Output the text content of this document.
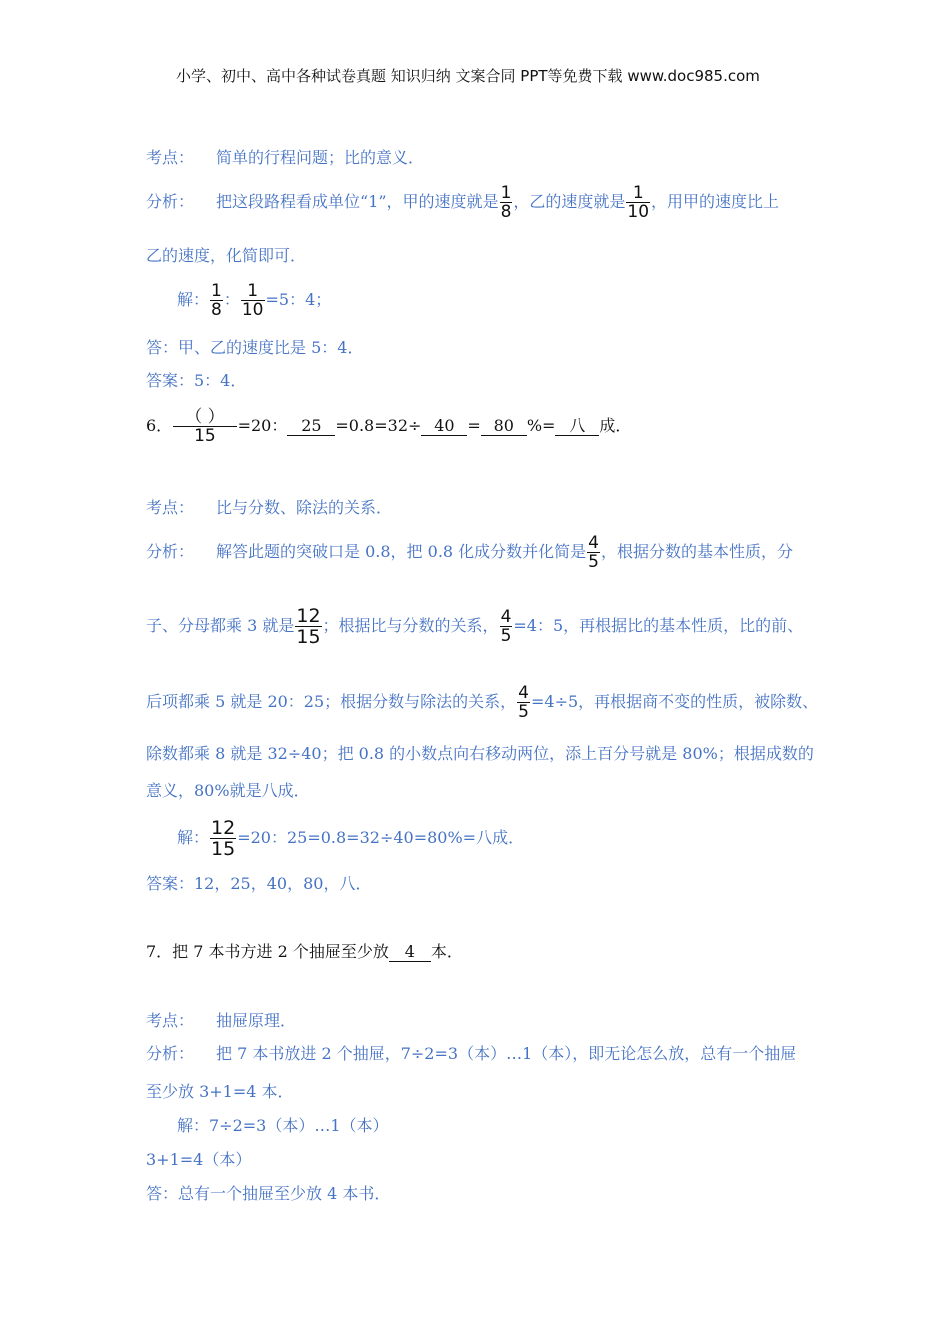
小学、初中、高中各种试卷真题 知识归纳 文案合同 PPT等免费下载 www.doc985.com
考点： 简单的行程问题；比的意义．
分析： 把这段路程看成单位“1”，甲的速度就是 $\frac{1}{8}$ ，乙的速度就是 $\frac{1}{10}$ ，用甲的速度比上
乙的速度，化简即可．
解： $\frac{1}{8}$ ： $\frac{1}{10} =5$：4；
答：甲、乙的速度比是 5：4．
答案：5：4．
6． $\frac{( )}{15} =20$： 25 =0.8=32÷ 40 = 80 %= 八 成．
考点： 比与分数、除法的关系．
分析： 解答此题的突破口是 0.8，把 0.8 化成分数并化简是 $\frac{4}{5}$ ，根据分数的基本性质，分
子、分母都乘 3 就是 $\frac{12}{15}$ ；根据比与分数的关系， $\frac{4}{5} =4$：5，再根据比的基本性质，比的前、
后项都乘 5 就是 20：25；根据分数与除法的关系， $\frac{4}{5} =4\div 5$，再根据商不变的性质，被除数、
除数都乘 8 就是 32÷40；把 0.8 的小数点向右移动两位，添上百分号就是 80%；根据成数的
意义，80%就是八成．
解： $\frac{12}{15} =20$：25=0.8=32÷40=80%=八成．
答案：12，25，40，80，八．
7．把 7 本书方进 2 个抽屉至少放 4 本．
考点： 抽屉原理．
分析： 把 7 本书放进 2 个抽屉，7÷2=3（本）…1（本），即无论怎么放，总有一个抽屉
至少放 3+1=4 本．
解：7÷2=3（本）…1（本）
3+1=4（本）
答：总有一个抽屉至少放 4 本书．
